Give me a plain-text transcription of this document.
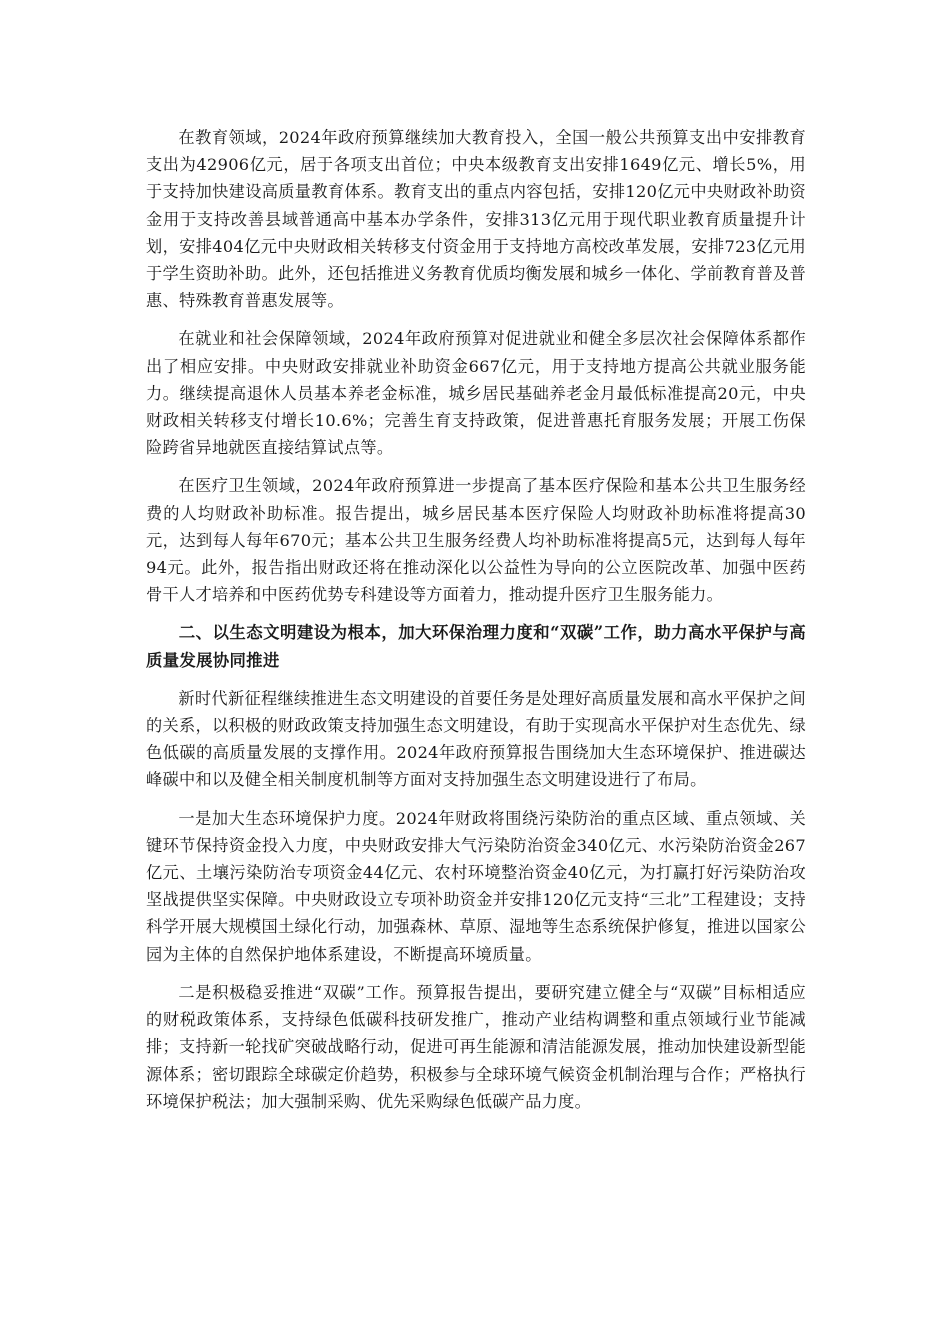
在教育领域，2024年政府预算继续加大教育投入，全国一般公共预算支出中安排教育支出为42906亿元，居于各项支出首位；中央本级教育支出安排1649亿元、增长5%，用于支持加快建设高质量教育体系。教育支出的重点内容包括，安排120亿元中央财政补助资金用于支持改善县域普通高中基本办学条件，安排313亿元用于现代职业教育质量提升计划，安排404亿元中央财政相关转移支付资金用于支持地方高校改革发展，安排723亿元用于学生资助补助。此外，还包括推进义务教育优质均衡发展和城乡一体化、学前教育普及普惠、特殊教育普惠发展等。

在就业和社会保障领域，2024年政府预算对促进就业和健全多层次社会保障体系都作出了相应安排。中央财政安排就业补助资金667亿元，用于支持地方提高公共就业服务能力。继续提高退休人员基本养老金标准，城乡居民基础养老金月最低标准提高20元，中央财政相关转移支付增长10.6%；完善生育支持政策，促进普惠托育服务发展；开展工伤保险跨省异地就医直接结算试点等。

在医疗卫生领域，2024年政府预算进一步提高了基本医疗保险和基本公共卫生服务经费的人均财政补助标准。报告提出，城乡居民基本医疗保险人均财政补助标准将提高30元，达到每人每年670元；基本公共卫生服务经费人均补助标准将提高5元，达到每人每年94元。此外，报告指出财政还将在推动深化以公益性为导向的公立医院改革、加强中医药骨干人才培养和中医药优势专科建设等方面着力，推动提升医疗卫生服务能力。

二、以生态文明建设为根本，加大环保治理力度和“双碳”工作，助力高水平保护与高质量发展协同推进

新时代新征程继续推进生态文明建设的首要任务是处理好高质量发展和高水平保护之间的关系，以积极的财政政策支持加强生态文明建设，有助于实现高水平保护对生态优先、绿色低碳的高质量发展的支撑作用。2024年政府预算报告围绕加大生态环境保护、推进碳达峰碳中和以及健全相关制度机制等方面对支持加强生态文明建设进行了布局。

一是加大生态环境保护力度。2024年财政将围绕污染防治的重点区域、重点领域、关键环节保持资金投入力度，中央财政安排大气污染防治资金340亿元、水污染防治资金267亿元、土壤污染防治专项资金44亿元、农村环境整治资金40亿元，为打赢打好污染防治攻坚战提供坚实保障。中央财政设立专项补助资金并安排120亿元支持“三北”工程建设；支持科学开展大规模国土绿化行动，加强森林、草原、湿地等生态系统保护修复，推进以国家公园为主体的自然保护地体系建设，不断提高环境质量。

二是积极稳妥推进“双碳”工作。预算报告提出，要研究建立健全与“双碳”目标相适应的财税政策体系，支持绿色低碳科技研发推广，推动产业结构调整和重点领域行业节能减排；支持新一轮找矿突破战略行动，促进可再生能源和清洁能源发展，推动加快建设新型能源体系；密切跟踪全球碳定价趋势，积极参与全球环境气候资金机制治理与合作；严格执行环境保护税法；加大强制采购、优先采购绿色低碳产品力度。
